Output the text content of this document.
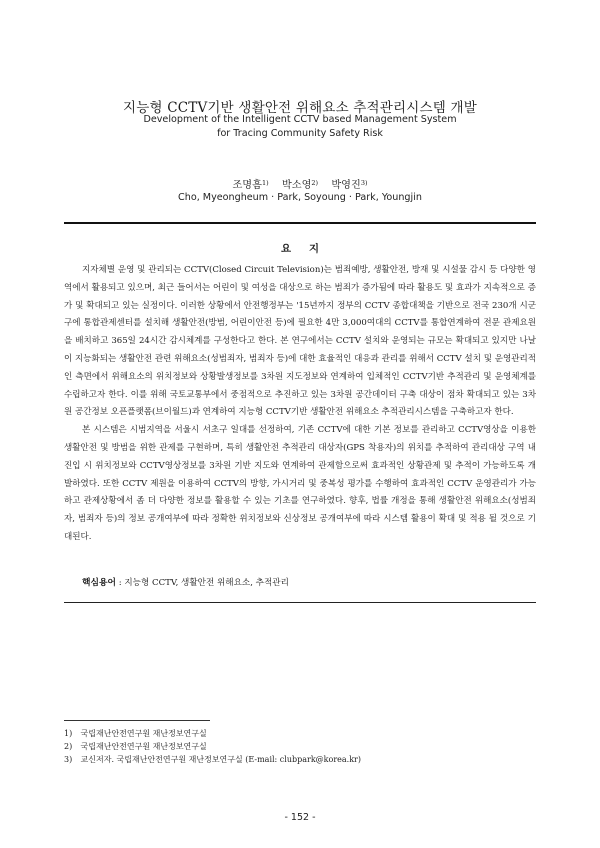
지능형 CCTV기반 생활안전 위해요소 추적관리시스템 개발
Development of the Intelligent CCTV based Management System
for Tracing Community Safety Risk
조명흠$^{1)}$ 박소영$^{2)}$ 박영진$^{3)}$
Cho, Myeongheum · Park, Soyoung · Park, Youngjin
요지

지자체별 운영 및 관리되는 CCTV(Closed Circuit Television)는 범죄예방, 생활안전, 방재 및 시설물 감시 등 다양한 영역에서 활용되고 있으며, 최근 들어서는 어린이 및 여성을 대상으로 하는 범죄가 증가됨에 따라 활용도 및 효과가 지속적으로 증가 및 확대되고 있는 실정이다. 이러한 상황에서 안전행정부는 '15년까지 정부의 CCTV 종합대책을 기반으로 전국 230개 시군구에 통합관제센터를 설치해 생활안전(방범, 어린이안전 등)에 필요한 4만 3,000여대의 CCTV를 통합연계하여 전문 관제요원을 배치하고 365일 24시간 감시체계를 구성한다고 한다. 본 연구에서는 CCTV 설치와 운영되는 규모는 확대되고 있지만 나날이 지능화되는 생활안전 관련 위해요소(성범죄자, 범죄자 등)에 대한 효율적인 대응과 관리를 위해서 CCTV 설치 및 운영관리적인 측면에서 위해요소의 위치정보와 상황발생정보를 3차원 지도정보와 연계하여 입체적인 CCTV기반 추적관리 및 운영체계를 수립하고자 한다. 이를 위해 국토교통부에서 중점적으로 추진하고 있는 3차원 공간데이터 구축 대상이 점차 확대되고 있는 3차원 공간정보 오픈플랫폼(브이월드)과 연계하여 지능형 CCTV기반 생활안전 위해요소 추적관리시스템을 구축하고자 한다.

본 시스템은 시범지역을 서울시 서초구 일대를 선정하여, 기존 CCTV에 대한 기본 정보를 관리하고 CCTV영상을 이용한 생활안전 및 방범을 위한 관제를 구현하며, 특히 생활안전 추적관리 대상자(GPS 착용자)의 위치를 추적하여 관리대상 구역 내 진입 시 위치정보와 CCTV영상정보를 3차원 기반 지도와 연계하여 관제함으로써 효과적인 상황관제 및 추적이 가능하도록 개발하였다. 또한 CCTV 제원을 이용하여 CCTV의 방향, 가시거리 및 중복성 평가를 수행하여 효과적인 CCTV 운영관리가 가능하고 관제상황에서 좀 더 다양한 정보를 활용할 수 있는 기초를 연구하였다. 향후, 법률 개정을 통해 생활안전 위해요소(성범죄자, 범죄자 등)의 정보 공개여부에 따라 정확한 위치정보와 신상정보 공개여부에 따라 시스템 활용이 확대 및 적용 될 것으로 기대된다.

핵심용어 : 지능형 CCTV, 생활안전 위해요소, 추적관리
1) 국립재난안전연구원 재난정보연구실
2) 국립재난안전연구원 재난정보연구실
3) 교신저자. 국립재난안전연구원 재난정보연구실 (E-mail: clubpark@korea.kr)
- 152 -
